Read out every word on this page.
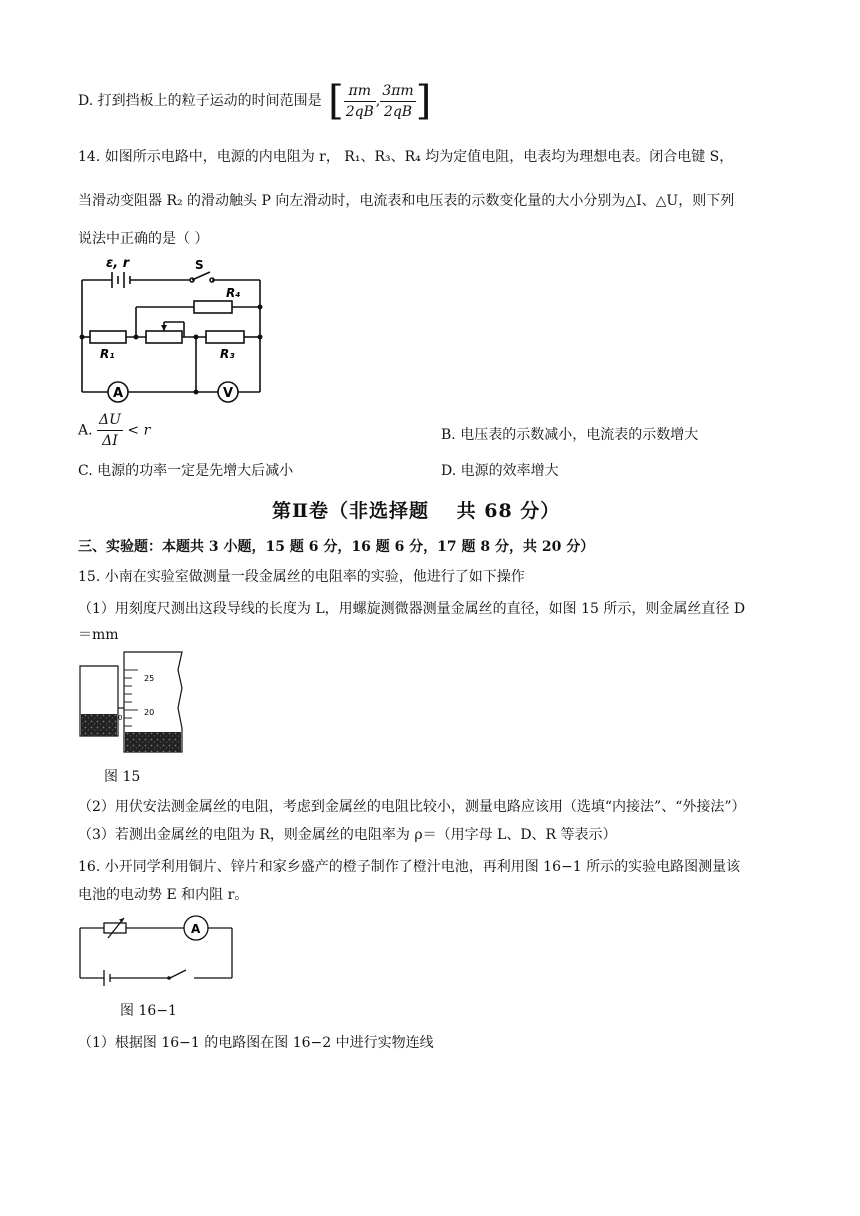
D. 打到挡板上的粒子运动的时间范围是 [ $\frac{\pi m}{2qB}$ , $\frac{3\pi m}{2qB}$ ]
14. 如图所示电路中，电源的内电阻为 r， R₁、R₃、R₄ 均为定值电阻，电表均为理想电表。闭合电键 S，
当滑动变阻器 R₂ 的滑动触头 P 向左滑动时，电流表和电压表的示数变化量的大小分别为△I、△U，则下列
说法中正确的是（ ）
ε, r	S
R₁	R₃
R₄
A	V
A. $\frac{\Delta U}{\Delta I} < r$	B. 电压表的示数减小，电流表的示数增大
C. 电源的功率一定是先增大后减小	D. 电源的效率增大
第Ⅱ卷（非选择题　 共 68 分）
三、实验题：本题共 3 小题，15 题 6 分，16 题 6 分，17 题 8 分，共 20 分）
15. 小南在实验室做测量一段金属丝的电阻率的实验，他进行了如下操作
（1）用刻度尺测出这段导线的长度为 L，用螺旋测微器测量金属丝的直径，如图 15 所示，则金属丝直径 D
＝mm
25
20
0
图 15
（2）用伏安法测金属丝的电阻，考虑到金属丝的电阻比较小，测量电路应该用（选填“内接法”、“外接法”）
（3）若测出金属丝的电阻为 R，则金属丝的电阻率为 ρ＝（用字母 L、D、R 等表示）
16. 小开同学利用铜片、锌片和家乡盛产的橙子制作了橙汁电池，再利用图 16−1 所示的实验电路图测量该
电池的电动势 E 和内阻 r。
A
图 16−1
（1）根据图 16−1 的电路图在图 16−2 中进行实物连线
